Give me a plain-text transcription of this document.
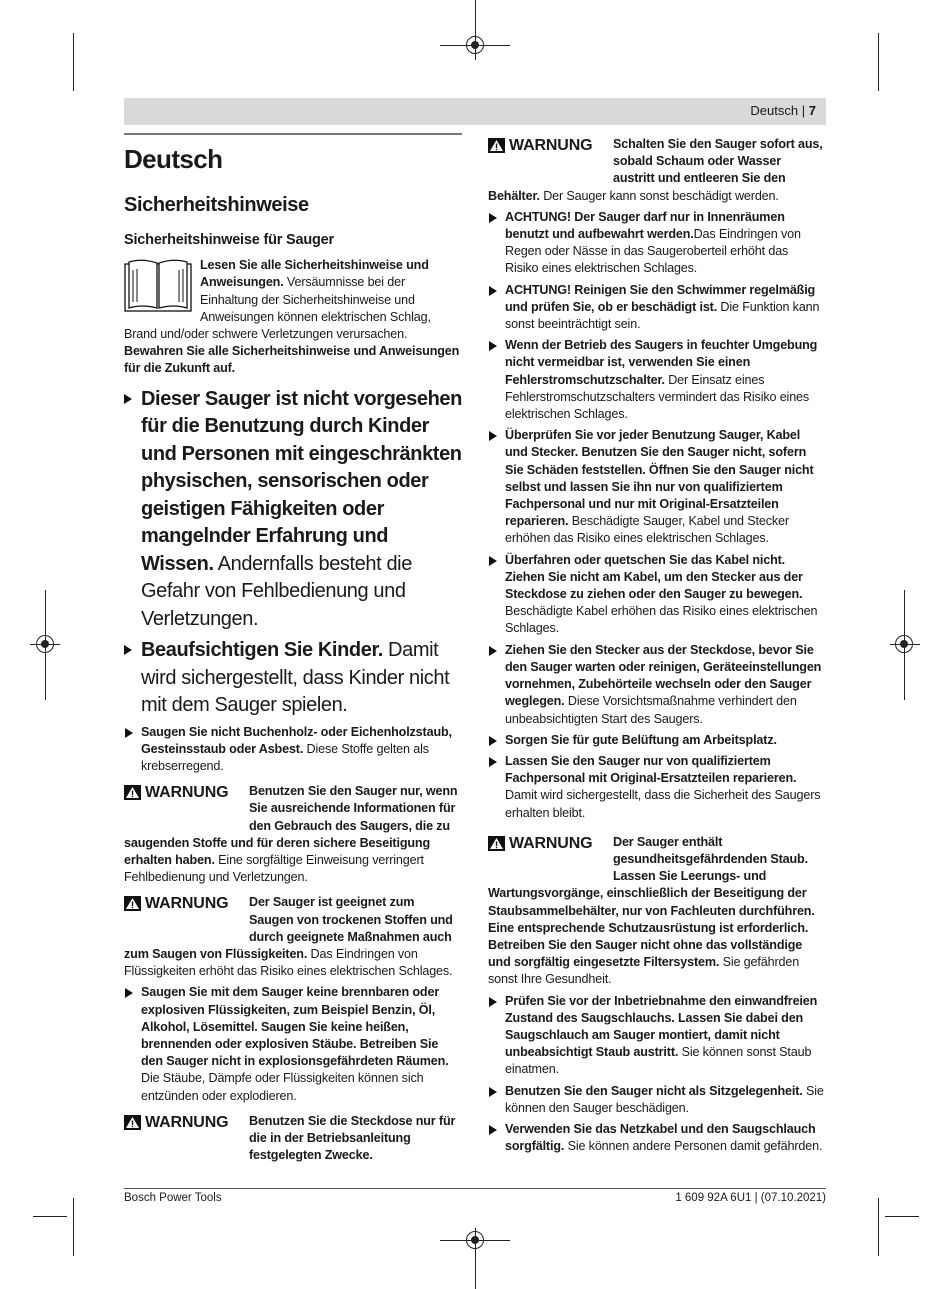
Deutsch | 7
Deutsch
Sicherheitshinweise
Sicherheitshinweise für Sauger

Lesen Sie alle Sicherheitshinweise und Anweisungen. Versäumnisse bei der Einhaltung der Sicherheitshinweise und Anweisungen können elektrischen Schlag, Brand und/oder schwere Verletzungen verursachen.

Bewahren Sie alle Sicherheitshinweise und Anweisungen für die Zukunft auf.

Dieser Sauger ist nicht vorgesehen für die Benutzung durch Kinder und Personen mit eingeschränkten physischen, sensorischen oder geistigen Fähigkeiten oder mangelnder Erfahrung und Wissen. Andernfalls besteht die Gefahr von Fehlbedienung und Verletzungen.
Beaufsichtigen Sie Kinder. Damit wird sichergestellt, dass Kinder nicht mit dem Sauger spielen.
Saugen Sie nicht Buchenholz- oder Eichenholzstaub, Gesteinsstaub oder Asbest. Diese Stoffe gelten als krebserregend.
WARNUNG	Benutzen Sie den Sauger nur, wenn Sie ausreichende Informationen für den Gebrauch des Saugers, die zu saugenden Stoffe und für deren sichere Beseitigung erhalten haben. Eine sorgfältige Einweisung verringert Fehlbedienung und Verletzungen.

WARNUNG	Der Sauger ist geeignet zum Saugen von trockenen Stoffen und durch geeignete Maßnahmen auch zum Saugen von Flüssigkeiten. Das Eindringen von Flüssigkeiten erhöht das Risiko eines elektrischen Schlages.

Saugen Sie mit dem Sauger keine brennbaren oder explosiven Flüssigkeiten, zum Beispiel Benzin, Öl, Alkohol, Lösemittel. Saugen Sie keine heißen, brennenden oder explosiven Stäube. Betreiben Sie den Sauger nicht in explosionsgefährdeten Räumen. Die Stäube, Dämpfe oder Flüssigkeiten können sich entzünden oder explodieren.
WARNUNG	Benutzen Sie die Steckdose nur für die in der Betriebsanleitung festgelegten Zwecke.

WARNUNG	Schalten Sie den Sauger sofort aus, sobald Schaum oder Wasser austritt und entleeren Sie den Behälter. Der Sauger kann sonst beschädigt werden.

ACHTUNG! Der Sauger darf nur in Innenräumen benutzt und aufbewahrt werden.Das Eindringen von Regen oder Nässe in das Saugeroberteil erhöht das Risiko eines elektrischen Schlages.
ACHTUNG! Reinigen Sie den Schwimmer regelmäßig und prüfen Sie, ob er beschädigt ist. Die Funktion kann sonst beeinträchtigt sein.
Wenn der Betrieb des Saugers in feuchter Umgebung nicht vermeidbar ist, verwenden Sie einen Fehlerstromschutzschalter. Der Einsatz eines Fehlerstromschutzschalters vermindert das Risiko eines elektrischen Schlages.
Überprüfen Sie vor jeder Benutzung Sauger, Kabel und Stecker. Benutzen Sie den Sauger nicht, sofern Sie Schäden feststellen. Öffnen Sie den Sauger nicht selbst und lassen Sie ihn nur von qualifiziertem Fachpersonal und nur mit Original-Ersatzteilen reparieren. Beschädigte Sauger, Kabel und Stecker erhöhen das Risiko eines elektrischen Schlages.
Überfahren oder quetschen Sie das Kabel nicht. Ziehen Sie nicht am Kabel, um den Stecker aus der Steckdose zu ziehen oder den Sauger zu bewegen. Beschädigte Kabel erhöhen das Risiko eines elektrischen Schlages.
Ziehen Sie den Stecker aus der Steckdose, bevor Sie den Sauger warten oder reinigen, Geräteeinstellungen vornehmen, Zubehörteile wechseln oder den Sauger weglegen. Diese Vorsichtsmaßnahme verhindert den unbeabsichtigten Start des Saugers.
Sorgen Sie für gute Belüftung am Arbeitsplatz.
Lassen Sie den Sauger nur von qualifiziertem Fachpersonal mit Original-Ersatzteilen reparieren. Damit wird sichergestellt, dass die Sicherheit des Saugers erhalten bleibt.
WARNUNG	Der Sauger enthält gesundheitsgefährdenden Staub. Lassen Sie Leerungs- und Wartungsvorgänge, einschließlich der Beseitigung der Staubsammelbehälter, nur von Fachleuten durchführen. Eine entsprechende Schutzausrüstung ist erforderlich. Betreiben Sie den Sauger nicht ohne das vollständige und sorgfältig eingesetzte Filtersystem. Sie gefährden sonst Ihre Gesundheit.

Prüfen Sie vor der Inbetriebnahme den einwandfreien Zustand des Saugschlauchs. Lassen Sie dabei den Saugschlauch am Sauger montiert, damit nicht unbeabsichtigt Staub austritt. Sie können sonst Staub einatmen.
Benutzen Sie den Sauger nicht als Sitzgelegenheit. Sie können den Sauger beschädigen.
Verwenden Sie das Netzkabel und den Saugschlauch sorgfältig. Sie können andere Personen damit gefährden.
Bosch Power Tools	1 609 92A 6U1 | (07.10.2021)
